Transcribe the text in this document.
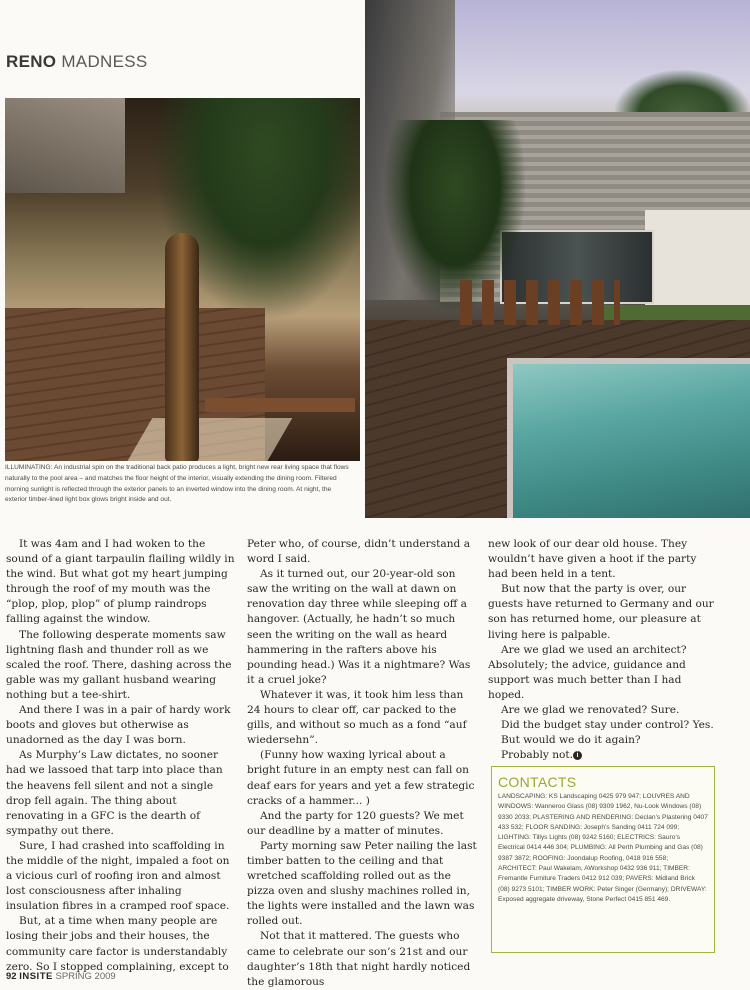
RENO MADNESS
ILLUMINATING: An industrial spin on the traditional back patio produces a light, bright new rear living space that flows naturally to the pool area – and matches the floor height of the interior, visually extending the dining room. Filtered morning sunlight is reflected through the exterior panels to an inverted window into the dining room. At night, the exterior timber-lined light box glows bright inside and out.

It was 4am and I had woken to the sound of a giant tarpaulin flailing wildly in the wind. But what got my heart jumping through the roof of my mouth was the “plop, plop, plop” of plump raindrops falling against the window.

The following desperate moments saw lightning flash and thunder roll as we scaled the roof. There, dashing across the gable was my gallant husband wearing nothing but a tee-shirt.

And there I was in a pair of hardy work boots and gloves but otherwise as unadorned as the day I was born.

As Murphy’s Law dictates, no sooner had we lassoed that tarp into place than the heavens fell silent and not a single drop fell again. The thing about renovating in a GFC is the dearth of sympathy out there.

Sure, I had crashed into scaffolding in the middle of the night, impaled a foot on a vicious curl of roofing iron and almost lost consciousness after inhaling insulation fibres in a cramped roof space.

But, at a time when many people are losing their jobs and their houses, the community care factor is understandably zero. So I stopped complaining, except to

Peter who, of course, didn’t understand a word I said.

As it turned out, our 20-year-old son saw the writing on the wall at dawn on renovation day three while sleeping off a hangover. (Actually, he hadn’t so much seen the writing on the wall as heard hammering in the rafters above his pounding head.) Was it a nightmare? Was it a cruel joke?

Whatever it was, it took him less than 24 hours to clear off, car packed to the gills, and without so much as a fond “auf wiedersehn”.

(Funny how waxing lyrical about a bright future in an empty nest can fall on deaf ears for years and yet a few strategic cracks of a hammer... )

And the party for 120 guests? We met our deadline by a matter of minutes.

Party morning saw Peter nailing the last timber batten to the ceiling and that wretched scaffolding rolled out as the pizza oven and slushy machines rolled in, the lights were installed and the lawn was rolled out.

Not that it mattered. The guests who came to celebrate our son’s 21st and our daughter’s 18th that night hardly noticed the glamorous

new look of our dear old house. They wouldn’t have given a hoot if the party had been held in a tent.

But now that the party is over, our guests have returned to Germany and our son has returned home, our pleasure at living here is palpable.

Are we glad we used an architect? Absolutely; the advice, guidance and support was much better than I had hoped.

Are we glad we renovated? Sure.

Did the budget stay under control? Yes.

But would we do it again?

Probably not. i

CONTACTS
LANDSCAPING: KS Landscaping 0425 979 947; LOUVRES AND WINDOWS: Wanneroo Glass (08) 9309 1962, Nu-Look Windows (08) 9330 2033; PLASTERING AND RENDERING: Declan’s Plastering 0407 433 532; FLOOR SANDING: Joseph’s Sanding 0411 724 099; LIGHTING: Tillys Lights (08) 9242 5160; ELECTRICS: Sauro’s Electrical 0414 446 304; PLUMBING: All Perth Plumbing and Gas (08) 9387 3872; ROOFING: Joondalup Roofing, 0418 916 558; ARCHITECT: Paul Wakelam, AWorkshop 0432 936 911; TIMBER: Fremantle Furniture Traders 0412 912 039; PAVERS: Midland Brick (08) 9273 5101; TIMBER WORK: Peter Singer (Germany); DRIVEWAY: Exposed aggregate driveway, Stone Perfect 0415 851 469.
92 INSITE SPRING 2009
